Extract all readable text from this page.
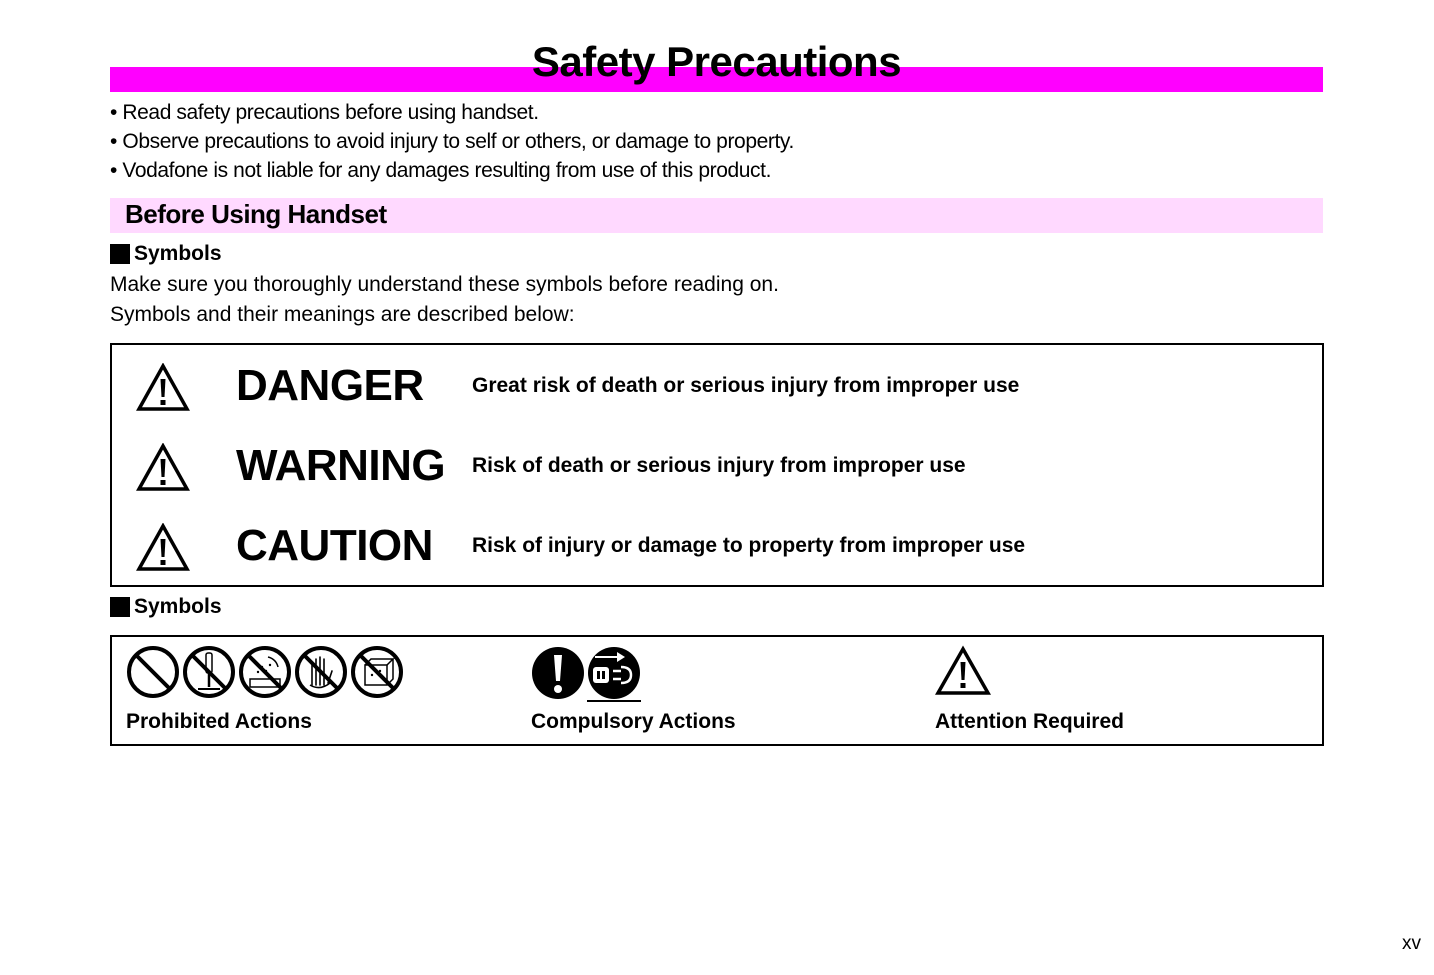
Safety Precautions
• Read safety precautions before using handset.
• Observe precautions to avoid injury to self or others, or damage to property.
• Vodafone is not liable for any damages resulting from use of this product.
Before Using Handset
Symbols
Make sure you thoroughly understand these symbols before reading on.
Symbols and their meanings are described below:
DANGER Great risk of death or serious injury from improper use
WARNING Risk of death or serious injury from improper use
CAUTION Risk of injury or damage to property from improper use
Symbols
Prohibited Actions	Compulsory Actions	Attention Required
xv
